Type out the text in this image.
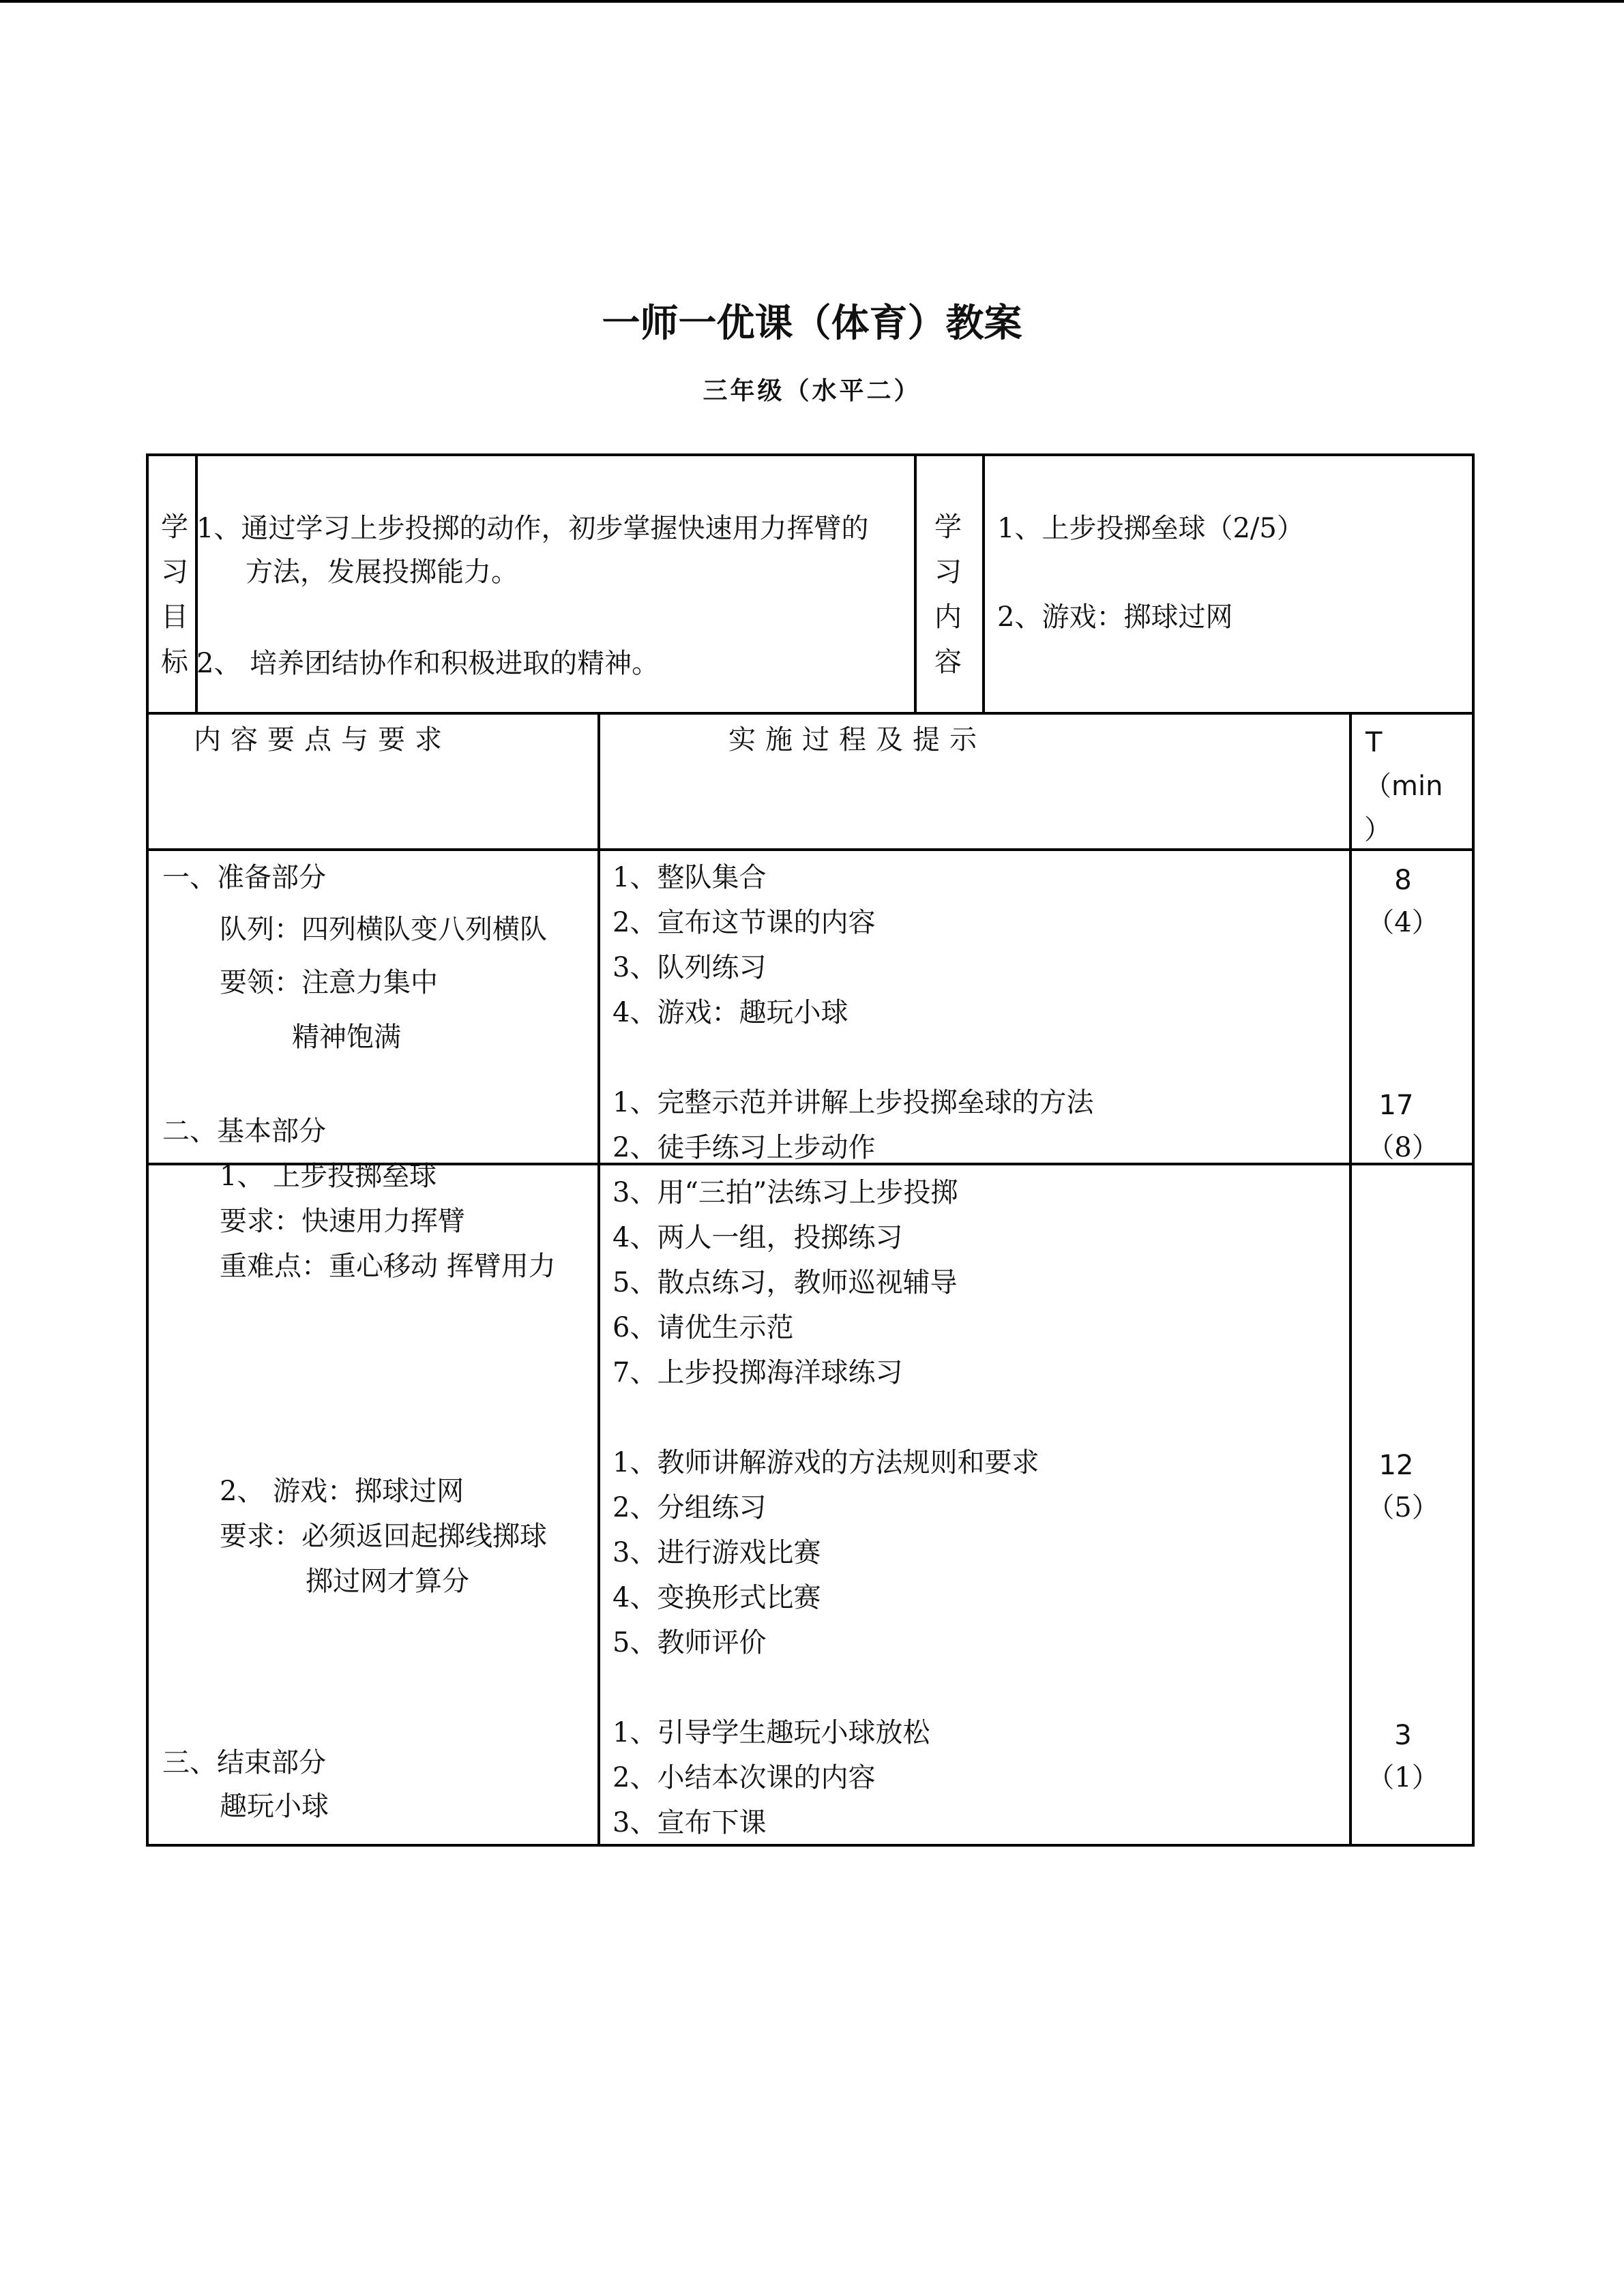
一师一优课（体育）教案
三年级（水平二）
学习目标
1、通过学习上步投掷的动作，初步掌握快速用力挥臂的
方法，发展投掷能力。
2、 培养团结协作和积极进取的精神。
学习内容
1、上步投掷垒球（2/5）
2、游戏：掷球过网
内容要点与要求	实施过程及提示	T
（min
）
一、准备部分
队列：四列横队变八列横队
要领：注意力集中
精神饱满
1、整队集合
2、宣布这节课的内容
3、队列练习
4、游戏：趣玩小球
8
（4）
二、基本部分
1、 上步投掷垒球
要求：快速用力挥臂
重难点：重心移动 挥臂用力
1、完整示范并讲解上步投掷垒球的方法
2、徒手练习上步动作
3、用“三拍”法练习上步投掷
4、两人一组，投掷练习
5、散点练习，教师巡视辅导
6、请优生示范
7、上步投掷海洋球练习
17
（8）
2、 游戏：掷球过网
要求：必须返回起掷线掷球
掷过网才算分
1、教师讲解游戏的方法规则和要求
2、分组练习
3、进行游戏比赛
4、变换形式比赛
5、教师评价
12
（5）
三、结束部分
趣玩小球
1、引导学生趣玩小球放松
2、小结本次课的内容
3、宣布下课
3
（1）
